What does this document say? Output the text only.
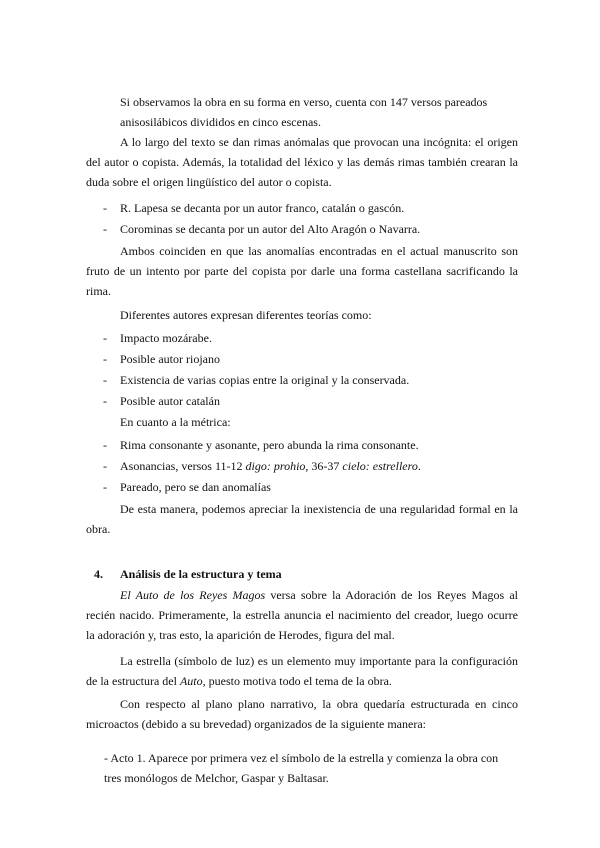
Si observamos la obra en su forma en verso, cuenta con 147 versos pareados

anisosilábicos divididos en cinco escenas.

A lo largo del texto se dan rimas anómalas que provocan una incógnita: el origen del autor o copista. Además, la totalidad del léxico y las demás rimas también crearan la duda sobre el origen lingüístico del autor o copista.

- R. Lapesa se decanta por un autor franco, catalán o gascón.
- Corominas se decanta por un autor del Alto Aragón o Navarra.

Ambos coinciden en que las anomalías encontradas en el actual manuscrito son fruto de un intento por parte del copista por darle una forma castellana sacrificando la rima.

Diferentes autores expresan diferentes teorías como:

- Impacto mozárabe.
- Posible autor riojano
- Existencia de varias copias entre la original y la conservada.
- Posible autor catalán

En cuanto a la métrica:

- Rima consonante y asonante, pero abunda la rima consonante.
- Asonancias, versos 11-12 digo: prohio, 36-37 cielo: estrellero.
- Pareado, pero se dan anomalías

De esta manera, podemos apreciar la inexistencia de una regularidad formal en la obra.

4. Análisis de la estructura y tema

El Auto de los Reyes Magos versa sobre la Adoración de los Reyes Magos al recién nacido. Primeramente, la estrella anuncia el nacimiento del creador, luego ocurre la adoración y, tras esto, la aparición de Herodes, figura del mal.

La estrella (símbolo de luz) es un elemento muy importante para la configuración de la estructura del Auto, puesto motiva todo el tema de la obra.

Con respecto al plano plano narrativo, la obra quedaría estructurada en cinco microactos (debido a su brevedad) organizados de la siguiente manera:

- Acto 1. Aparece por primera vez el símbolo de la estrella y comienza la obra con

tres monólogos de Melchor, Gaspar y Baltasar.
